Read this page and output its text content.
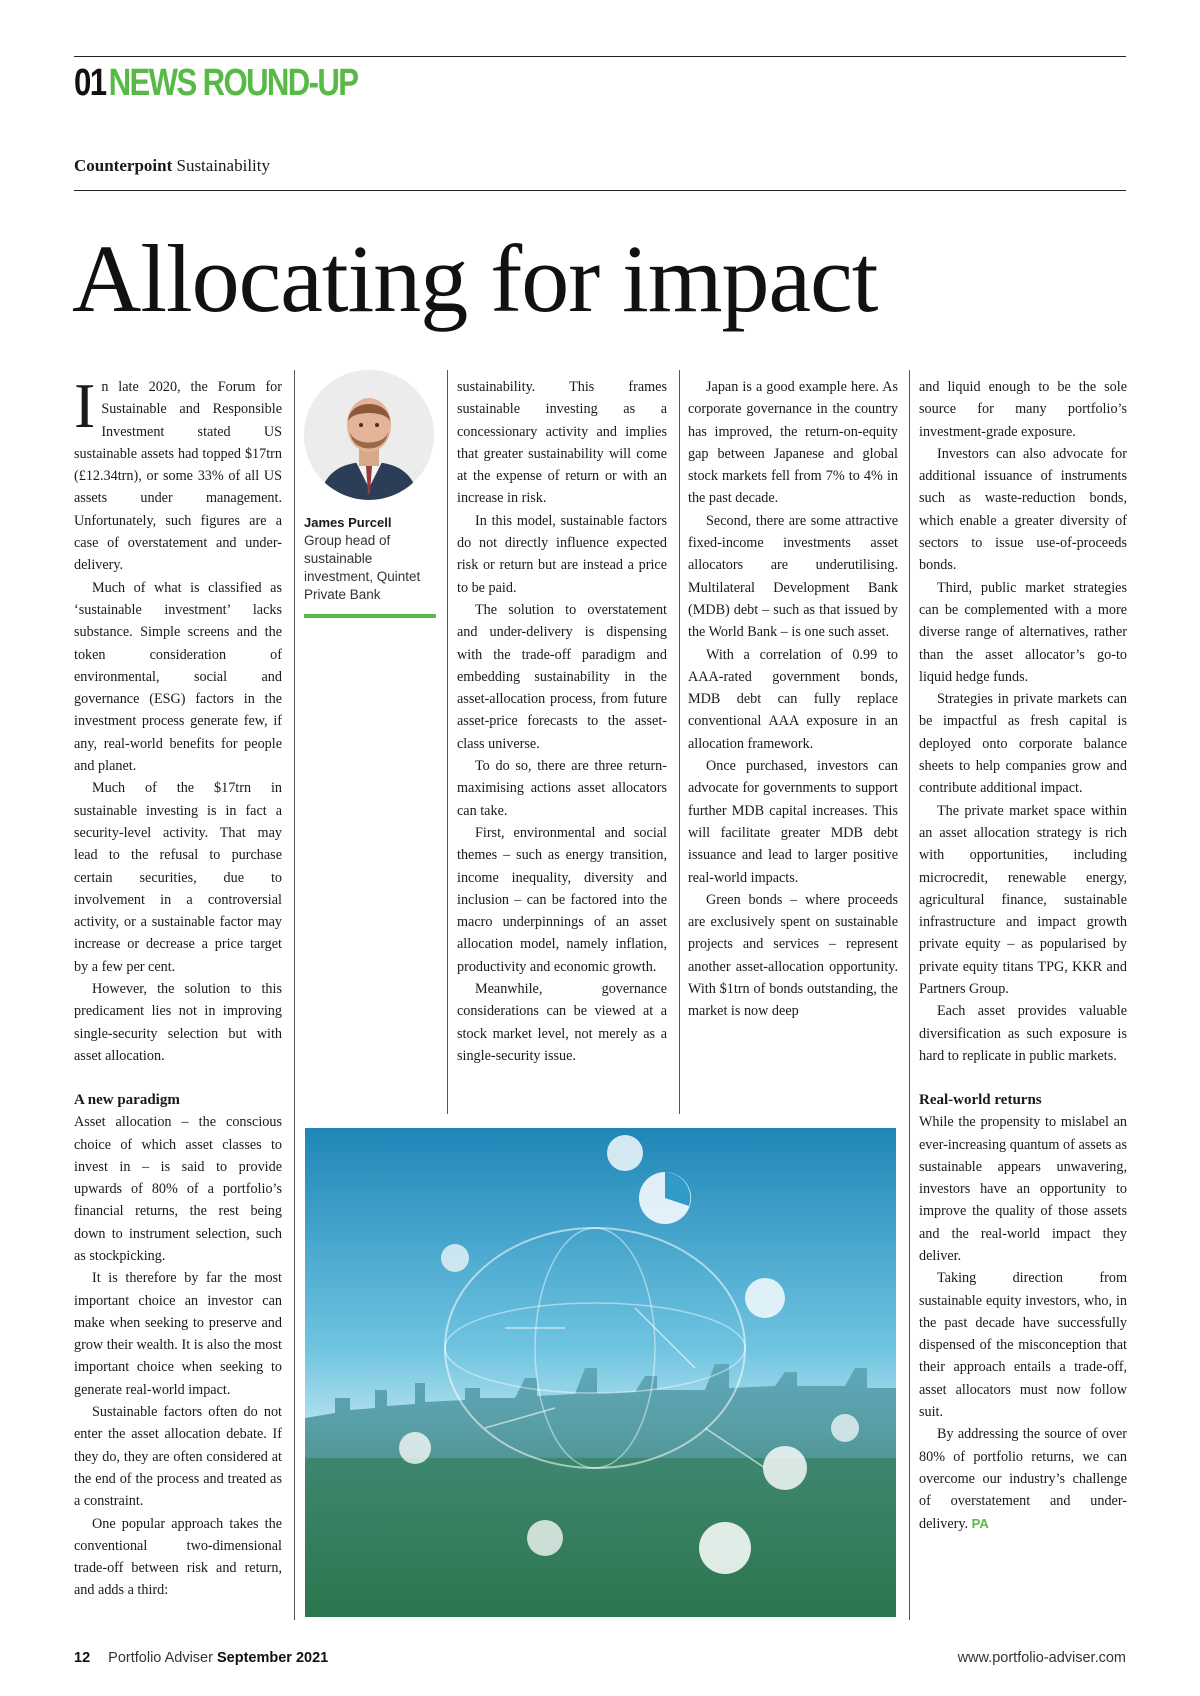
01 NEWS ROUND-UP
Counterpoint Sustainability
Allocating for impact

In late 2020, the Forum for Sustainable and Responsible Investment stated US sustainable assets had topped $17trn (£12.34trn), or some 33% of all US assets under management. Unfortunately, such figures are a case of overstatement and under-delivery.

Much of what is classified as ‘sustainable investment’ lacks substance. Simple screens and the token consideration of environmental, social and governance (ESG) factors in the investment process generate few, if any, real-world benefits for people and planet.

Much of the $17trn in sustainable investing is in fact a security-level activity. That may lead to the refusal to purchase certain securities, due to involvement in a controversial activity, or a sustainable factor may increase or decrease a price target by a few per cent.

However, the solution to this predicament lies not in improving single-security selection but with asset allocation.

A new paradigm

Asset allocation – the conscious choice of which asset classes to invest in – is said to provide upwards of 80% of a portfolio’s financial returns, the rest being down to instrument selection, such as stockpicking.

It is therefore by far the most important choice an investor can make when seeking to preserve and grow their wealth. It is also the most important choice when seeking to generate real-world impact.

Sustainable factors often do not enter the asset allocation debate. If they do, they are often considered at the end of the process and treated as a constraint.

One popular approach takes the conventional two-dimensional trade-off between risk and return, and adds a third:

James Purcell
Group head of sustainable investment, Quintet Private Bank

sustainability. This frames sustainable investing as a concessionary activity and implies that greater sustainability will come at the expense of return or with an increase in risk.

In this model, sustainable factors do not directly influence expected risk or return but are instead a price to be paid.

The solution to overstatement and under-delivery is dispensing with the trade-off paradigm and embedding sustainability in the asset-allocation process, from future asset-price forecasts to the asset-class universe.

To do so, there are three return-maximising actions asset allocators can take.

First, environmental and social themes – such as energy transition, income inequality, diversity and inclusion – can be factored into the macro underpinnings of an asset allocation model, namely inflation, productivity and economic growth.

Meanwhile, governance considerations can be viewed at a stock market level, not merely as a single-security issue.

Japan is a good example here. As corporate governance in the country has improved, the return-on-equity gap between Japanese and global stock markets fell from 7% to 4% in the past decade.

Second, there are some attractive fixed-income investments asset allocators are underutilising. Multilateral Development Bank (MDB) debt – such as that issued by the World Bank – is one such asset.

With a correlation of 0.99 to AAA-rated government bonds, MDB debt can fully replace conventional AAA exposure in an allocation framework.

Once purchased, investors can advocate for governments to support further MDB capital increases. This will facilitate greater MDB debt issuance and lead to larger positive real-world impacts.

Green bonds – where proceeds are exclusively spent on sustainable projects and services – represent another asset-allocation opportunity. With $1trn of bonds outstanding, the market is now deep

and liquid enough to be the sole source for many portfolio’s investment-grade exposure.

Investors can also advocate for additional issuance of instruments such as waste-reduction bonds, which enable a greater diversity of sectors to issue use-of-proceeds bonds.

Third, public market strategies can be complemented with a more diverse range of alternatives, rather than the asset allocator’s go-to liquid hedge funds.

Strategies in private markets can be impactful as fresh capital is deployed onto corporate balance sheets to help companies grow and contribute additional impact.

The private market space within an asset allocation strategy is rich with opportunities, including microcredit, renewable energy, agricultural finance, sustainable infrastructure and impact growth private equity – as popularised by private equity titans TPG, KKR and Partners Group.

Each asset provides valuable diversification as such exposure is hard to replicate in public markets.

Real-world returns

While the propensity to mislabel an ever-increasing quantum of assets as sustainable appears unwavering, investors have an opportunity to improve the quality of those assets and the real-world impact they deliver.

Taking direction from sustainable equity investors, who, in the past decade have successfully dispensed of the misconception that their approach entails a trade-off, asset allocators must now follow suit.

By addressing the source of over 80% of portfolio returns, we can overcome our industry’s challenge of overstatement and under-delivery. PA

12 Portfolio Adviser September 2021	www.portfolio-adviser.com
